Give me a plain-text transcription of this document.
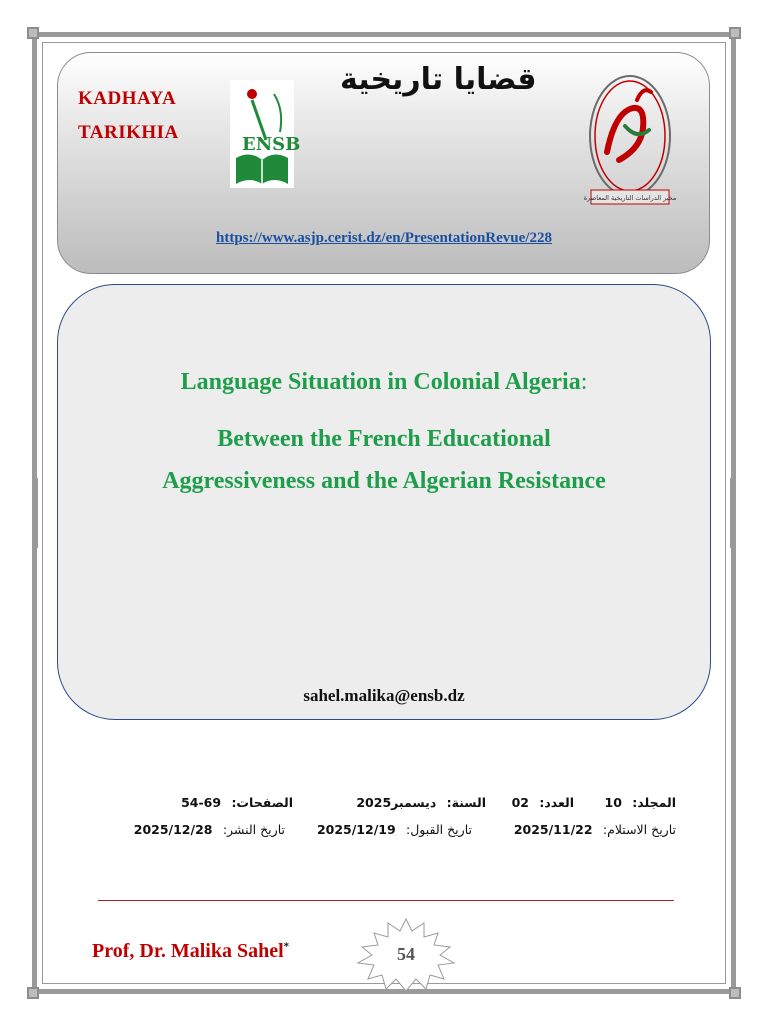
KADHAYA
TARIKHIA
قضايا تاريخية
ENSB
مخبر الدراسات التاريخية المعاصرة
https://www.asjp.cerist.dz/en/PresentationRevue/228
Language Situation in Colonial Algeria:
Between the French Educational
Aggressiveness and the Algerian Resistance
sahel.malika@ensb.dz
المجلد: 10
العدد: 02
السنة: ديسمبر2025
الصفحات: 54-69
تاريخ الاستلام: 2025/11/22
تاريخ القبول: 2025/12/19
تاريخ النشر: 2025/12/28
Prof, Dr. Malika Sahel*	54
